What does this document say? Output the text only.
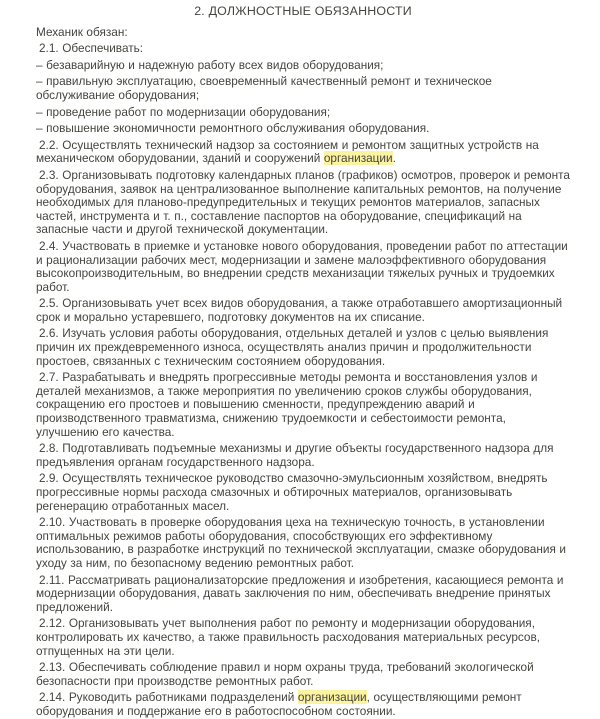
2. ДОЛЖНОСТНЫЕ ОБЯЗАННОСТИ

Механик обязан:

2.1. Обеспечивать:

– безаварийную и надежную работу всех видов оборудования;

– правильную эксплуатацию, своевременный качественный ремонт и техническое обслуживание оборудования;

– проведение работ по модернизации оборудования;

– повышение экономичности ремонтного обслуживания оборудования.

2.2. Осуществлять технический надзор за состоянием и ремонтом защитных устройств на механическом оборудовании, зданий и сооружений организации.

2.3. Организовывать подготовку календарных планов (графиков) осмотров, проверок и ремонта оборудования, заявок на централизованное выполнение капитальных ремонтов, на получение необходимых для планово-предупредительных и текущих ремонтов материалов, запасных частей, инструмента и т. п., составление паспортов на оборудование, спецификаций на запасные части и другой технической документации.

2.4. Участвовать в приемке и установке нового оборудования, проведении работ по аттестации и рационализации рабочих мест, модернизации и замене малоэффективного оборудования высокопроизводительным, во внедрении средств механизации тяжелых ручных и трудоемких работ.

2.5. Организовывать учет всех видов оборудования, а также отработавшего амортизационный срок и морально устаревшего, подготовку документов на их списание.

2.6. Изучать условия работы оборудования, отдельных деталей и узлов с целью выявления причин их преждевременного износа, осуществлять анализ причин и продолжительности простоев, связанных с техническим состоянием оборудования.

2.7. Разрабатывать и внедрять прогрессивные методы ремонта и восстановления узлов и деталей механизмов, а также мероприятия по увеличению сроков службы оборудования, сокращению его простоев и повышению сменности, предупреждению аварий и производственного травматизма, снижению трудоемкости и себестоимости ремонта, улучшению его качества.

2.8. Подготавливать подъемные механизмы и другие объекты государственного надзора для предъявления органам государственного надзора.

2.9. Осуществлять техническое руководство смазочно-эмульсионным хозяйством, внедрять прогрессивные нормы расхода смазочных и обтирочных материалов, организовывать регенерацию отработанных масел.

2.10. Участвовать в проверке оборудования цеха на техническую точность, в установлении оптимальных режимов работы оборудования, способствующих его эффективному использованию, в разработке инструкций по технической эксплуатации, смазке оборудования и уходу за ним, по безопасному ведению ремонтных работ.

2.11. Рассматривать рационализаторские предложения и изобретения, касающиеся ремонта и модернизации оборудования, давать заключения по ним, обеспечивать внедрение принятых предложений.

2.12. Организовывать учет выполнения работ по ремонту и модернизации оборудования, контролировать их качество, а также правильность расходования материальных ресурсов, отпущенных на эти цели.

2.13. Обеспечивать соблюдение правил и норм охраны труда, требований экологической безопасности при производстве ремонтных работ.

2.14. Руководить работниками подразделений организации, осуществляющими ремонт оборудования и поддержание его в работоспособном состоянии.
